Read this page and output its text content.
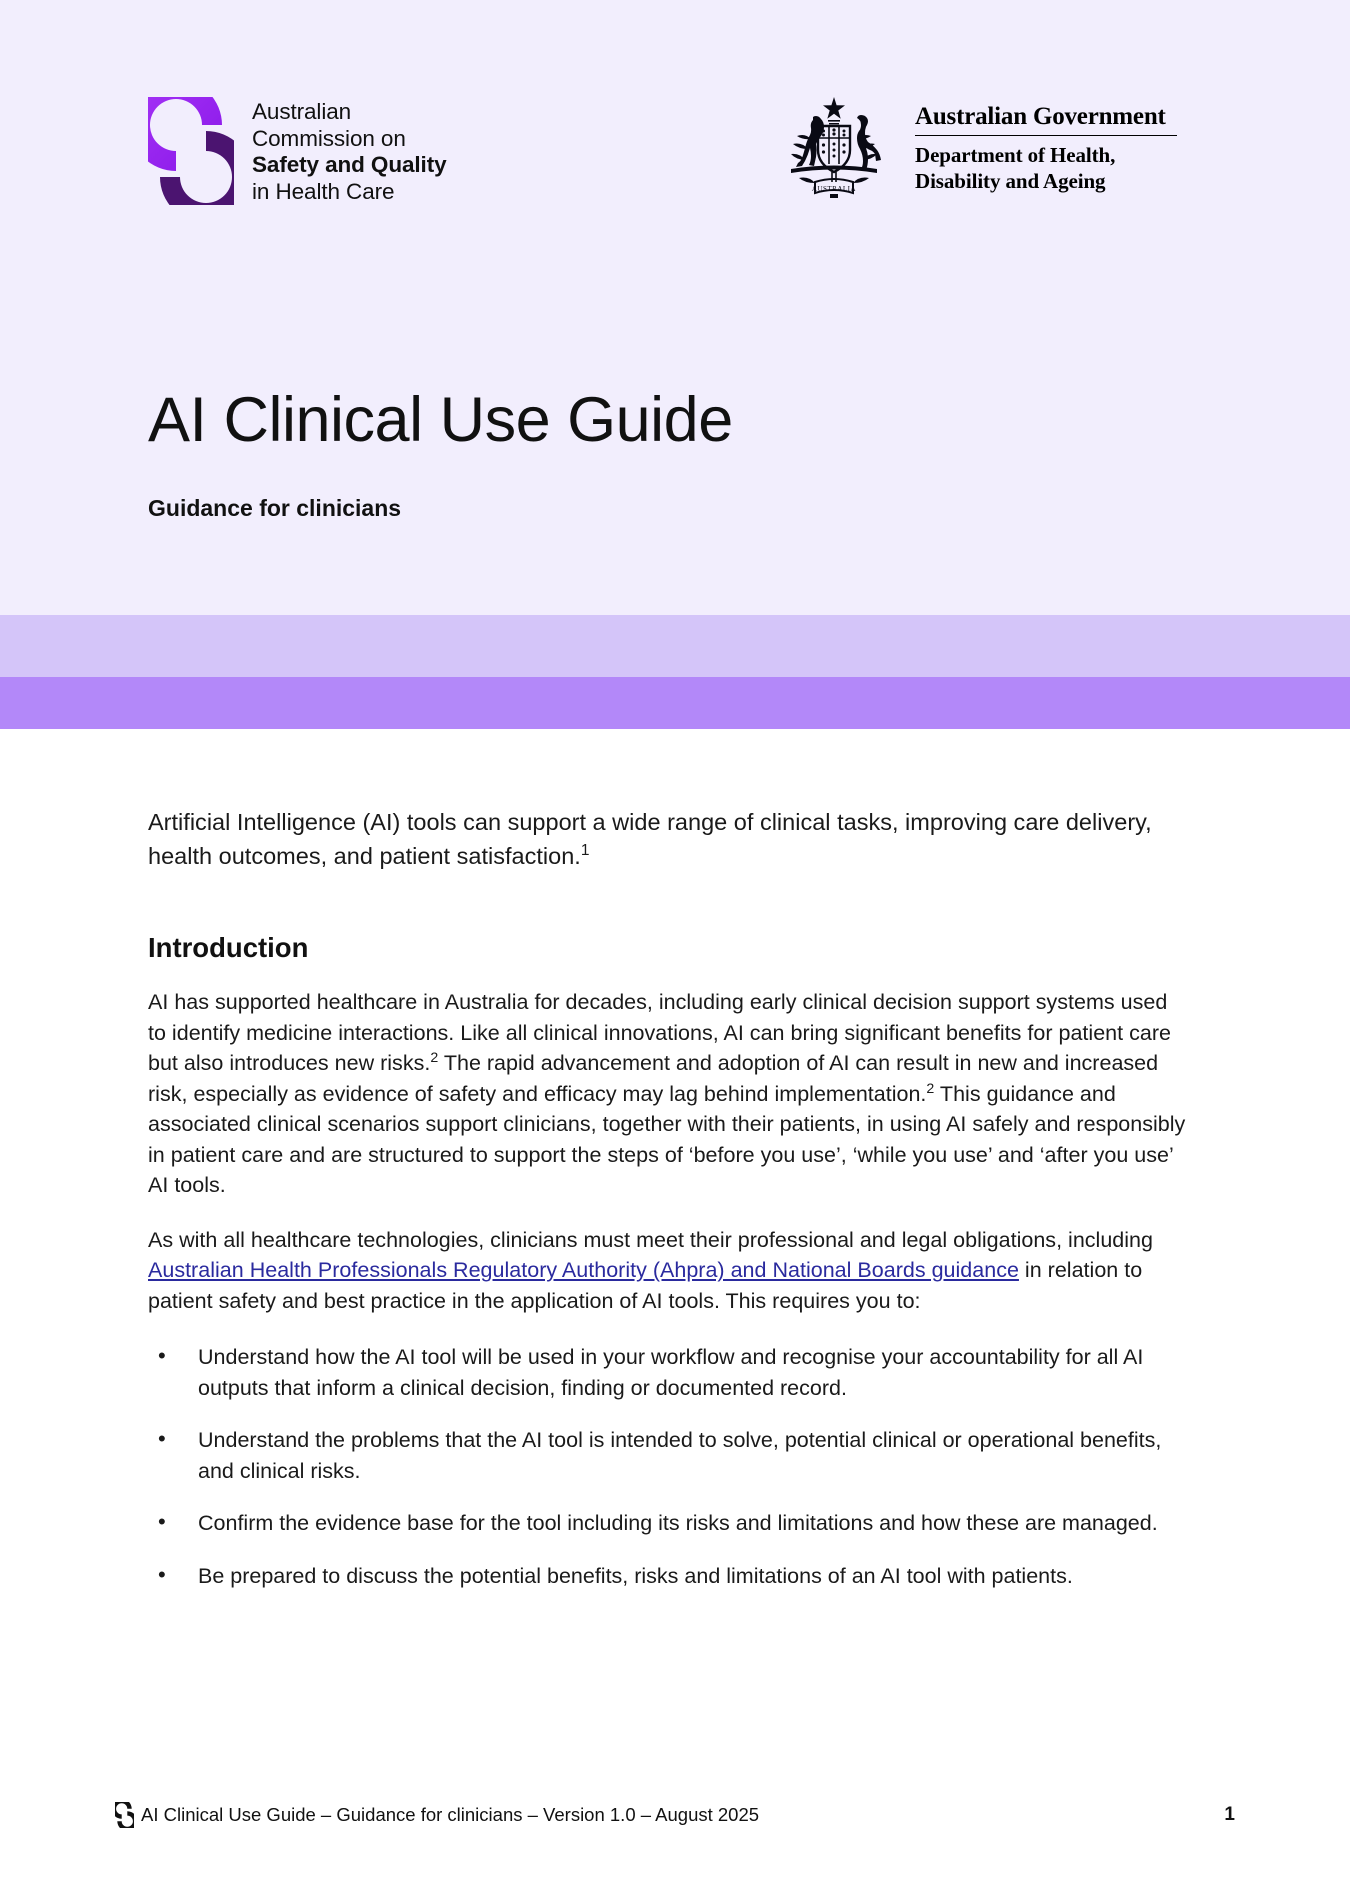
Australian
Commission on
Safety and Quality
in Health Care	AUSTRALIA
Australian Government
Department of Health,
Disability and Ageing
AI Clinical Use Guide
Guidance for clinicians

Artificial Intelligence (AI) tools can support a wide range of clinical tasks, improving care delivery, health outcomes, and patient satisfaction.$^1$

Introduction

AI has supported healthcare in Australia for decades, including early clinical decision support systems used to identify medicine interactions. Like all clinical innovations, AI can bring significant benefits for patient care but also introduces new risks.$^2$ The rapid advancement and adoption of AI can result in new and increased risk, especially as evidence of safety and efficacy may lag behind implementation.$^2$ This guidance and associated clinical scenarios support clinicians, together with their patients, in using AI safely and responsibly in patient care and are structured to support the steps of ‘before you use’, ‘while you use’ and ‘after you use’ AI tools.

As with all healthcare technologies, clinicians must meet their professional and legal obligations, including Australian Health Professionals Regulatory Authority (Ahpra) and National Boards guidance in relation to patient safety and best practice in the application of AI tools. This requires you to:

• Understand how the AI tool will be used in your workflow and recognise your accountability for all AI outputs that inform a clinical decision, finding or documented record.
• Understand the problems that the AI tool is intended to solve, potential clinical or operational benefits, and clinical risks.
• Confirm the evidence base for the tool including its risks and limitations and how these are managed.
• Be prepared to discuss the potential benefits, risks and limitations of an AI tool with patients.
AI Clinical Use Guide – Guidance for clinicians – Version 1.0 – August 2025	1
